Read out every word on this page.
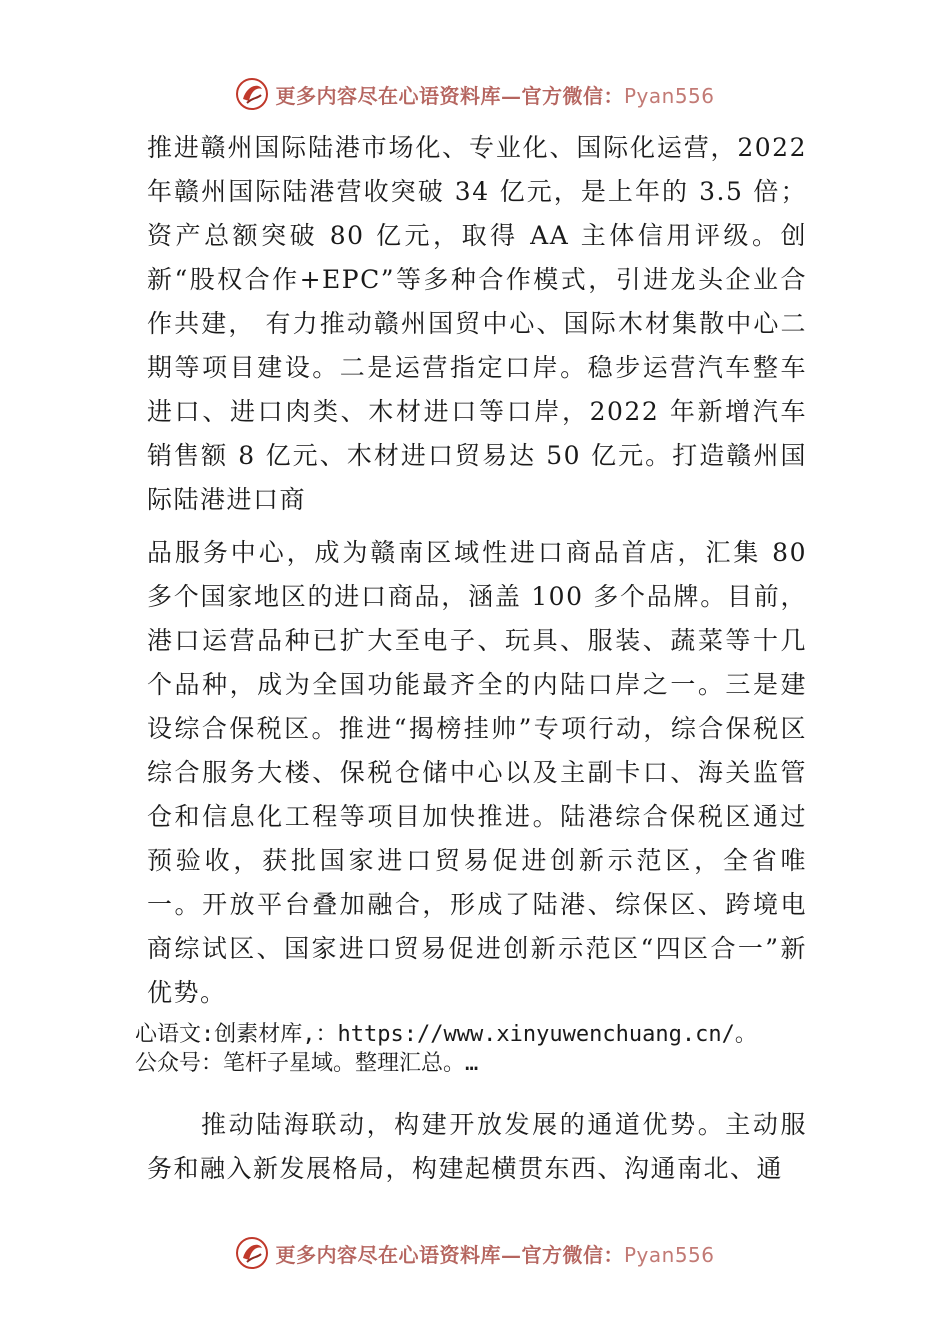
更多内容尽在心语资料库—官方微信：Pyan556

推进赣州国际陆港市场化、专业化、国际化运营，2022 年赣州国际陆港营收突破 34 亿元，是上年的 3.5 倍；资产总额突破 80 亿元，取得 AA 主体信用评级。创新“股权合作+EPC”等多种合作模式，引进龙头企业合作共建， 有力推动赣州国贸中心、国际木材集散中心二期等项目建设。二是运营指定口岸。稳步运营汽车整车进口、进口肉类、木材进口等口岸，2022 年新增汽车销售额 8 亿元、木材进口贸易达 50 亿元。打造赣州国际陆港进口商

品服务中心，成为赣南区域性进口商品首店，汇集 80 多个国家地区的进口商品，涵盖 100 多个品牌。目前，港口运营品种已扩大至电子、玩具、服装、蔬菜等十几个品种，成为全国功能最齐全的内陆口岸之一。三是建设综合保税区。推进“揭榜挂帅”专项行动，综合保税区综合服务大楼、保税仓储中心以及主副卡口、海关监管仓和信息化工程等项目加快推进。陆港综合保税区通过预验收，获批国家进口贸易促进创新示范区，全省唯一。开放平台叠加融合，形成了陆港、综保区、跨境电商综试区、国家进口贸易促进创新示范区“四区合一”新优势。

心语文:创素材库,：https://www.xinyuwenchuang.cn/。

公众号：笔杆子星域。整理汇总。…

推动陆海联动，构建开放发展的通道优势。主动服务和融入新发展格局，构建起横贯东西、沟通南北、通

更多内容尽在心语资料库—官方微信：Pyan556
